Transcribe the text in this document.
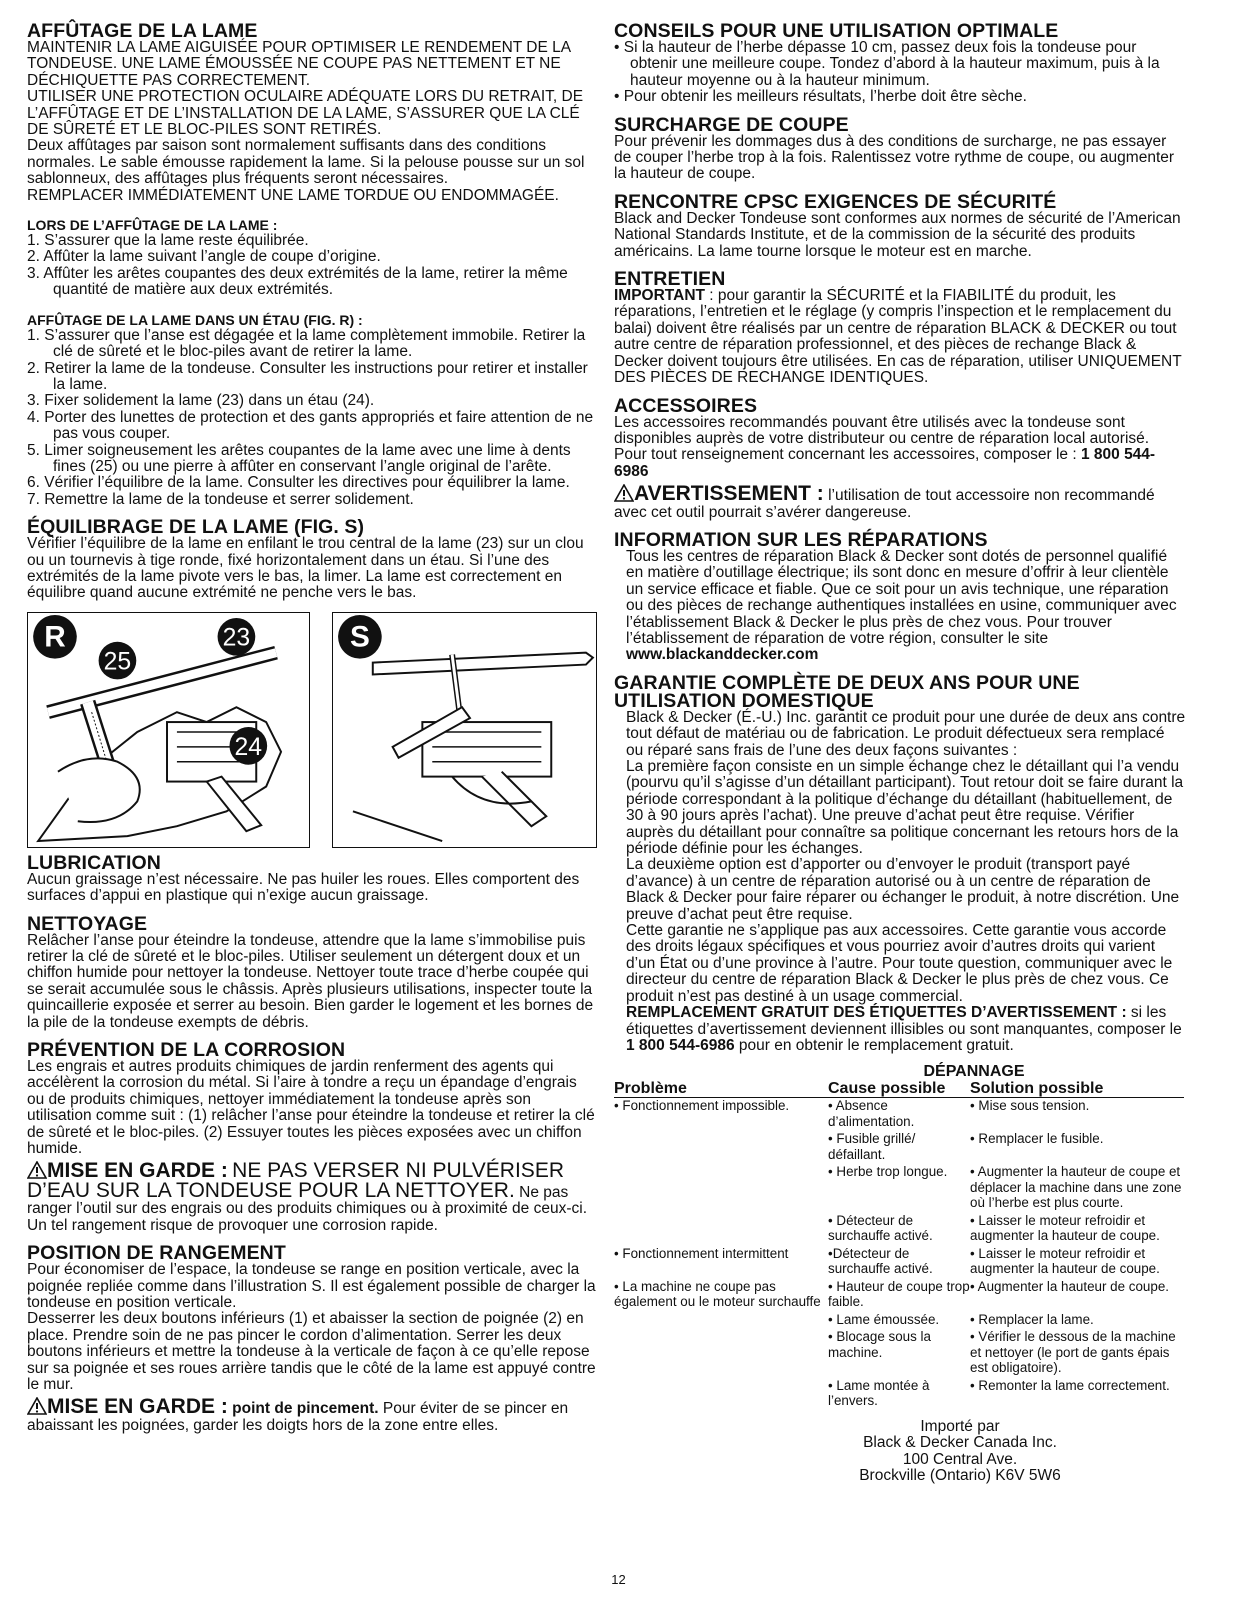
AFFÛTAGE DE LA LAME

MAINTENIR LA LAME AIGUISÉE POUR OPTIMISER LE RENDEMENT DE LA TONDEUSE. UNE LAME ÉMOUSSÉE NE COUPE PAS NETTEMENT ET NE DÉCHIQUETTE PAS CORRECTEMENT.

UTILISER UNE PROTECTION OCULAIRE ADÉQUATE LORS DU RETRAIT, DE L’AFFÛTAGE ET DE L’INSTALLATION DE LA LAME, S’ASSURER QUE LA CLÉ DE SÛRETÉ ET LE BLOC-PILES SONT RETIRÉS.

Deux affûtages par saison sont normalement suffisants dans des conditions normales. Le sable émousse rapidement la lame. Si la pelouse pousse sur un sol sablonneux, des affûtages plus fréquents seront nécessaires.

REMPLACER IMMÉDIATEMENT UNE LAME TORDUE OU ENDOMMAGÉE.

LORS DE L’AFFÛTAGE DE LA LAME :
1. S’assurer que la lame reste équilibrée.
2. Affûter la lame suivant l’angle de coupe d’origine.
3. Affûter les arêtes coupantes des deux extrémités de la lame, retirer la même quantité de matière aux deux extrémités.
AFFÛTAGE DE LA LAME DANS UN ÉTAU (FIG. R) :
1. S’assurer que l’anse est dégagée et la lame complètement immobile. Retirer la clé de sûreté et le bloc-piles avant de retirer la lame.
2. Retirer la lame de la tondeuse. Consulter les instructions pour retirer et installer la lame.
3. Fixer solidement la lame (23) dans un étau (24).
4. Porter des lunettes de protection et des gants appropriés et faire attention de ne pas vous couper.
5. Limer soigneusement les arêtes coupantes de la lame avec une lime à dents fines (25) ou une pierre à affûter en conservant l’angle original de l’arête.
6. Vérifier l’équilibre de la lame. Consulter les directives pour équilibrer la lame.
7. Remettre la lame de la tondeuse et serrer solidement.
ÉQUILIBRAGE DE LA LAME (FIG. S)

Vérifier l’équilibre de la lame en enfilant le trou central de la lame (23) sur un clou ou un tournevis à tige ronde, fixé horizontalement dans un étau. Si l’une des extrémités de la lame pivote vers le bas, la limer. La lame est correctement en équilibre quand aucune extrémité ne penche vers le bas.

R
25
23
24
S
LUBRICATION

Aucun graissage n’est nécessaire. Ne pas huiler les roues. Elles comportent des surfaces d’appui en plastique qui n’exige aucun graissage.

NETTOYAGE

Relâcher l’anse pour éteindre la tondeuse, attendre que la lame s’immobilise puis retirer la clé de sûreté et le bloc-piles. Utiliser seulement un détergent doux et un chiffon humide pour nettoyer la tondeuse. Nettoyer toute trace d’herbe coupée qui se serait accumulée sous le châssis. Après plusieurs utilisations, inspecter toute la quincaillerie exposée et serrer au besoin. Bien garder le logement et les bornes de la pile de la tondeuse exempts de débris.

PRÉVENTION DE LA CORROSION

Les engrais et autres produits chimiques de jardin renferment des agents qui accélèrent la corrosion du métal. Si l’aire à tondre a reçu un épandage d’engrais ou de produits chimiques, nettoyer immédiatement la tondeuse après son utilisation comme suit : (1) relâcher l’anse pour éteindre la tondeuse et retirer la clé de sûreté et le bloc-piles. (2) Essuyer toutes les pièces exposées avec un chiffon humide.

MISE EN GARDE : NE PAS VERSER NI PULVÉRISER D’EAU SUR LA TONDEUSE POUR LA NETTOYER. Ne pas ranger l’outil sur des engrais ou des produits chimiques ou à proximité de ceux-ci. Un tel rangement risque de provoquer une corrosion rapide.

POSITION DE RANGEMENT

Pour économiser de l’espace, la tondeuse se range en position verticale, avec la poignée repliée comme dans l’illustration S. Il est également possible de charger la tondeuse en position verticale.

Desserrer les deux boutons inférieurs (1) et abaisser la section de poignée (2) en place. Prendre soin de ne pas pincer le cordon d’alimentation. Serrer les deux boutons inférieurs et mettre la tondeuse à la verticale de façon à ce qu’elle repose sur sa poignée et ses roues arrière tandis que le côté de la lame est appuyé contre le mur.

MISE EN GARDE : point de pincement. Pour éviter de se pincer en abaissant les poignées, garder les doigts hors de la zone entre elles.

CONSEILS POUR UNE UTILISATION OPTIMALE
• Si la hauteur de l’herbe dépasse 10 cm, passez deux fois la tondeuse pour obtenir une meilleure coupe. Tondez d’abord à la hauteur maximum, puis à la hauteur moyenne ou à la hauteur minimum.
• Pour obtenir les meilleurs résultats, l’herbe doit être sèche.
SURCHARGE DE COUPE

Pour prévenir les dommages dus à des conditions de surcharge, ne pas essayer de couper l’herbe trop à la fois. Ralentissez votre rythme de coupe, ou augmenter la hauteur de coupe.

RENCONTRE CPSC EXIGENCES DE SÉCURITÉ

Black and Decker Tondeuse sont conformes aux normes de sécurité de l’American National Standards Institute, et de la commission de la sécurité des produits américains. La lame tourne lorsque le moteur est en marche.

ENTRETIEN

IMPORTANT : pour garantir la SÉCURITÉ et la FIABILITÉ du produit, les réparations, l’entretien et le réglage (y compris l’inspection et le remplacement du balai) doivent être réalisés par un centre de réparation BLACK & DECKER ou tout autre centre de réparation professionnel, et des pièces de rechange Black & Decker doivent toujours être utilisées. En cas de réparation, utiliser UNIQUEMENT DES PIÈCES DE RECHANGE IDENTIQUES.

ACCESSOIRES

Les accessoires recommandés pouvant être utilisés avec la tondeuse sont disponibles auprès de votre distributeur ou centre de réparation local autorisé. Pour tout renseignement concernant les accessoires, composer le : 1 800 544-6986

AVERTISSEMENT : l’utilisation de tout accessoire non recommandé avec cet outil pourrait s’avérer dangereuse.

INFORMATION SUR LES RÉPARATIONS

Tous les centres de réparation Black & Decker sont dotés de personnel qualifié en matière d’outillage électrique; ils sont donc en mesure d’offrir à leur clientèle un service efficace et fiable. Que ce soit pour un avis technique, une réparation ou des pièces de rechange authentiques installées en usine, communiquer avec l’établissement Black & Decker le plus près de chez vous. Pour trouver l’établissement de réparation de votre région, consulter le site www.blackanddecker.com

GARANTIE COMPLÈTE DE DEUX ANS POUR UNE UTILISATION DOMESTIQUE

Black & Decker (É.-U.) Inc. garantit ce produit pour une durée de deux ans contre tout défaut de matériau ou de fabrication. Le produit défectueux sera remplacé ou réparé sans frais de l’une des deux façons suivantes :

La première façon consiste en un simple échange chez le détaillant qui l’a vendu (pourvu qu’il s’agisse d’un détaillant participant). Tout retour doit se faire durant la période correspondant à la politique d’échange du détaillant (habituellement, de 30 à 90 jours après l’achat). Une preuve d’achat peut être requise. Vérifier auprès du détaillant pour connaître sa politique concernant les retours hors de la période définie pour les échanges.

La deuxième option est d’apporter ou d’envoyer le produit (transport payé d’avance) à un centre de réparation autorisé ou à un centre de réparation de Black & Decker pour faire réparer ou échanger le produit, à notre discrétion. Une preuve d’achat peut être requise.

Cette garantie ne s’applique pas aux accessoires. Cette garantie vous accorde des droits légaux spécifiques et vous pourriez avoir d’autres droits qui varient d’un État ou d’une province à l’autre. Pour toute question, communiquer avec le directeur du centre de réparation Black & Decker le plus près de chez vous. Ce produit n’est pas destiné à un usage commercial.

REMPLACEMENT GRATUIT DES ÉTIQUETTES D’AVERTISSEMENT : si les étiquettes d’avertissement deviennent illisibles ou sont manquantes, composer le 1 800 544-6986 pour en obtenir le remplacement gratuit.

DÉPANNAGE
Problème	Cause possible	Solution possible

• Fonctionnement impossible.	• Absence d’alimentation.	• Mise sous tension.

	• Fusible grillé/ défaillant.	• Remplacer le fusible.

	• Herbe trop longue.	• Augmenter la hauteur de coupe et déplacer la machine dans une zone où l’herbe est plus courte.

	• Détecteur de surchauffe activé.	• Laisser le moteur refroidir et augmenter la hauteur de coupe.

• Fonctionnement intermittent	•Détecteur de surchauffe activé.	• Laisser le moteur refroidir et augmenter la hauteur de coupe.

• La machine ne coupe pas également ou le moteur surchauffe	• Hauteur de coupe trop faible.	• Augmenter la hauteur de coupe.

	• Lame émoussée.	• Remplacer la lame.

	• Blocage sous la machine.	• Vérifier le dessous de la machine et nettoyer (le port de gants épais est obligatoire).

	• Lame montée à l’envers.	• Remonter la lame correctement.
Importé par
Black & Decker Canada Inc.
100 Central Ave.
Brockville (Ontario) K6V 5W6
12
